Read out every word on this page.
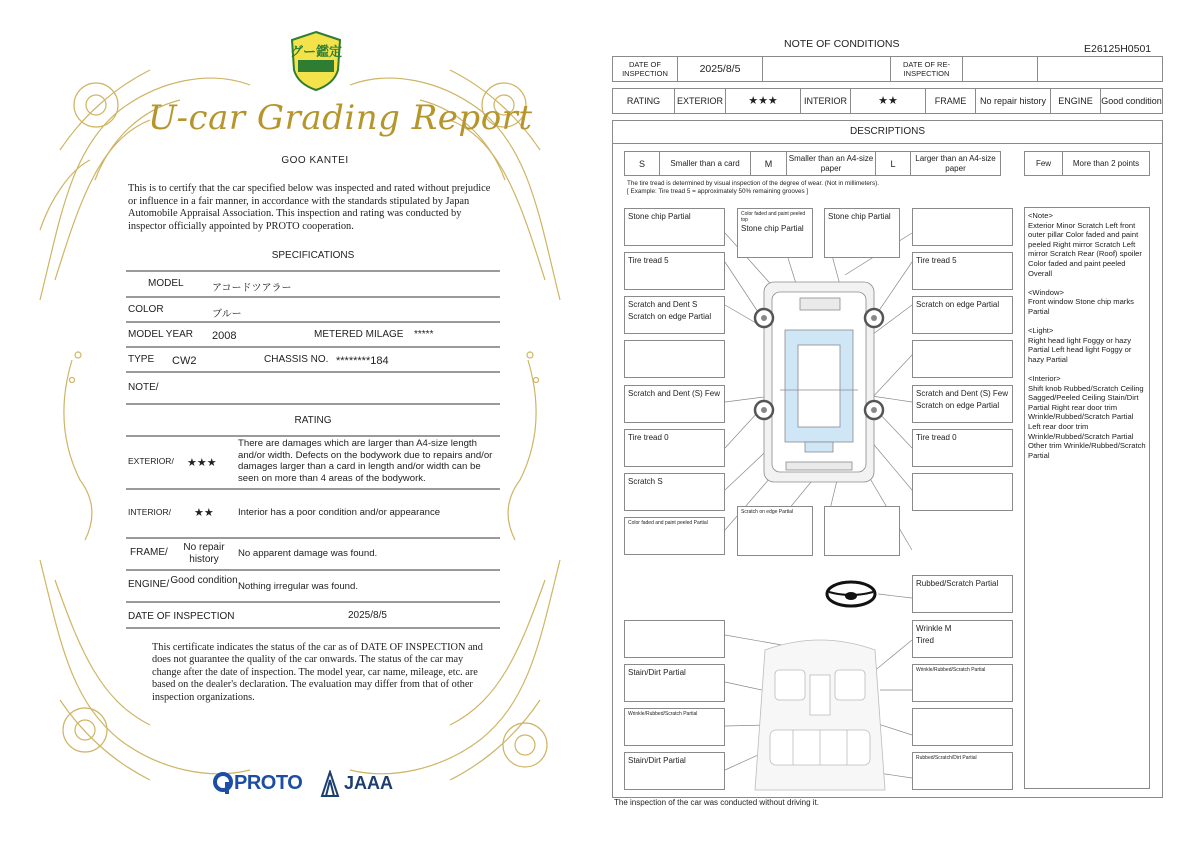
グー鑑定
U-car Grading Report
GOO KANTEI
This is to certify that the car specified below was inspected and rated without prejudice or influence in a fair manner, in accordance with the standards stipulated by Japan Automobile Appraisal Association. This inspection and rating was conducted by inspector officially appointed by PROTO cooperation.
SPECIFICATIONS
MODEL	アコードツアラー
COLOR	ブルー
MODEL YEAR 2008	METERED MILAGE *****
TYPE CW2	CHASSIS NO. ********184
NOTE/
RATING
EXTERIOR/ ★★★
There are damages which are larger than A4-size length and/or width. Defects on the bodywork due to repairs and/or damages larger than a card in length and/or width can be seen on more than 4 areas of the bodywork.
INTERIOR/ ★★	Interior has a poor condition and/or appearance
FRAME/	No repair history
No apparent damage was found.
ENGINE/ Good condition
Nothing irregular was found.
DATE OF INSPECTION	2025/8/5
This certificate indicates the status of the car as of DATE OF INSPECTION and does not guarantee the quality of the car onwards. The status of the car may change after the date of inspection. The model year, car name, mileage, etc. are based on the dealer's declaration. The evaluation may differ from that of other inspection organizations.
PROTO JAAA
NOTE OF CONDITIONS	E26125H0501
DATE OF INSPECTION	2025/8/5	DATE OF RE-INSPECTION
RATING	EXTERIOR	★★★	INTERIOR	★★	FRAME	No repair history	ENGINE Good condition
DESCRIPTIONS
S	Smaller than a card	M
Smaller than an A4-size paper	L
Larger than an A4-size paper
Few	More than 2 points
The tire tread is determined by visual inspection of the degree of wear. (Not in millimeters).
[ Example: Tire tread 5 = approximately 50% remaining grooves ]
Stone chip Partial	Color faded and paint peeled top
Stone chip Partial
Stone chip Partial
Tire tread 5	Tire tread 5
Scratch and Dent S
Scratch on edge Partial
Scratch on edge Partial
Scratch and Dent (S) Few	Scratch and Dent (S) Few
Scratch on edge Partial
Tire tread 0	Tire tread 0
Scratch S
Color faded and paint peeled Partial
Scratch on edge Partial
Rubbed/Scratch Partial
Wrinkle M
Tired
Stain/Dirt Partial	Wrinkle/Rubbed/Scratch Partial
Wrinkle/Rubbed/Scratch Partial
Stain/Dirt Partial	Rubbed/Scratch/Dirt Partial
<Note>

Exterior Minor Scratch Left front outer pillar Color faded and paint peeled Right mirror Scratch Left mirror Scratch Rear (Roof) spoiler Color faded and paint peeled Overall

<Window>

Front window Stone chip marks Partial

<Light>

Right head light Foggy or hazy Partial Left head light Foggy or hazy Partial

<Interior>

Shift knob Rubbed/Scratch Ceiling Sagged/Peeled Ceiling Stain/Dirt Partial Right rear door trim Wrinkle/Rubbed/Scratch Partial Left rear door trim Wrinkle/Rubbed/Scratch Partial Other trim Wrinkle/Rubbed/Scratch Partial

The inspection of the car was conducted without driving it.
